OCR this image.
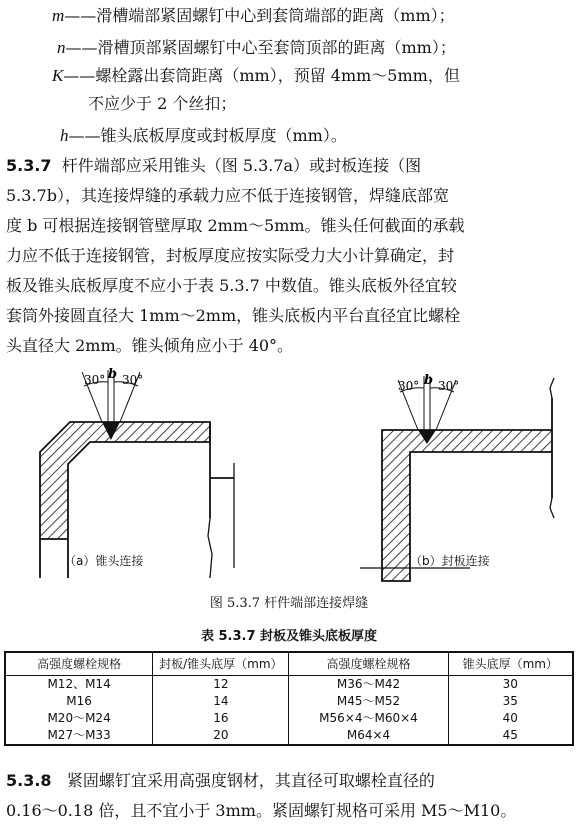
m——滑槽端部紧固螺钉中心到套筒端部的距离（mm）；
n——滑槽顶部紧固螺钉中心至套筒顶部的距离（mm）；
K——螺栓露出套筒距离（mm），预留 4mm～5mm，但
不应少于 2 个丝扣；
h——锥头底板厚度或封板厚度（mm）。
5.3.7 杆件端部应采用锥头（图 5.3.7a）或封板连接（图
5.3.7b），其连接焊缝的承载力应不低于连接钢管，焊缝底部宽
度 b 可根据连接钢管壁厚取 2mm～5mm。锥头任何截面的承载
力应不低于连接钢管，封板厚度应按实际受力大小计算确定，封
板及锥头底板厚度不应小于表 5.3.7 中数值。锥头底板外径宜较
套筒外接圆直径大 1mm～2mm，锥头底板内平台直径宜比螺栓
头直径大 2mm。锥头倾角应小于 40°。
30° b 30°	30° b 30°
（a）锥头连接	（b）封板连接
图 5.3.7 杆件端部连接焊缝
表 5.3.7 封板及锥头底板厚度
高强度螺栓规格	封板/锥头底厚（mm）	高强度螺栓规格	锥头底厚（mm）
M12、M14	12	M36～M42	30
M16	14	M45～M52	35
M20～M24	16	M56×4～M60×4	40
M27～M33	20	M64×4	45
5.3.8 紧固螺钉宜采用高强度钢材，其直径可取螺栓直径的
0.16～0.18 倍，且不宜小于 3mm。紧固螺钉规格可采用 M5～M10。
